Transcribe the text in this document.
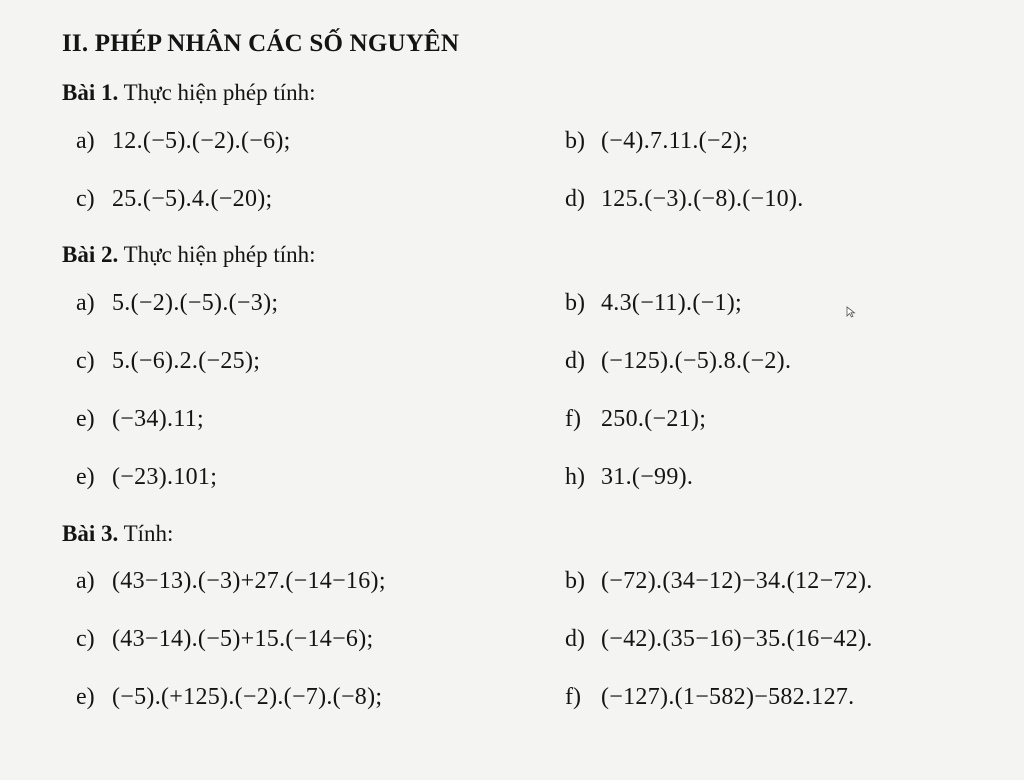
II. PHÉP NHÂN CÁC SỐ NGUYÊN
Bài 1. Thực hiện phép tính:
a) 12.(−5).(−2).(−6);	b) (−4).7.11.(−2);
c) 25.(−5).4.(−20);	d) 125.(−3).(−8).(−10).
Bài 2. Thực hiện phép tính:
a) 5.(−2).(−5).(−3);	b) 4.3(−11).(−1);
c) 5.(−6).2.(−25);	d) (−125).(−5).8.(−2).
e) (−34).11;	f) 250.(−21);
e) (−23).101;	h) 31.(−99).
Bài 3. Tính:
a) (43−13).(−3)+27.(−14−16);	b) (−72).(34−12)−34.(12−72).
c) (43−14).(−5)+15.(−14−6);	d) (−42).(35−16)−35.(16−42).
e) (−5).(+125).(−2).(−7).(−8);	f) (−127).(1−582)−582.127.
